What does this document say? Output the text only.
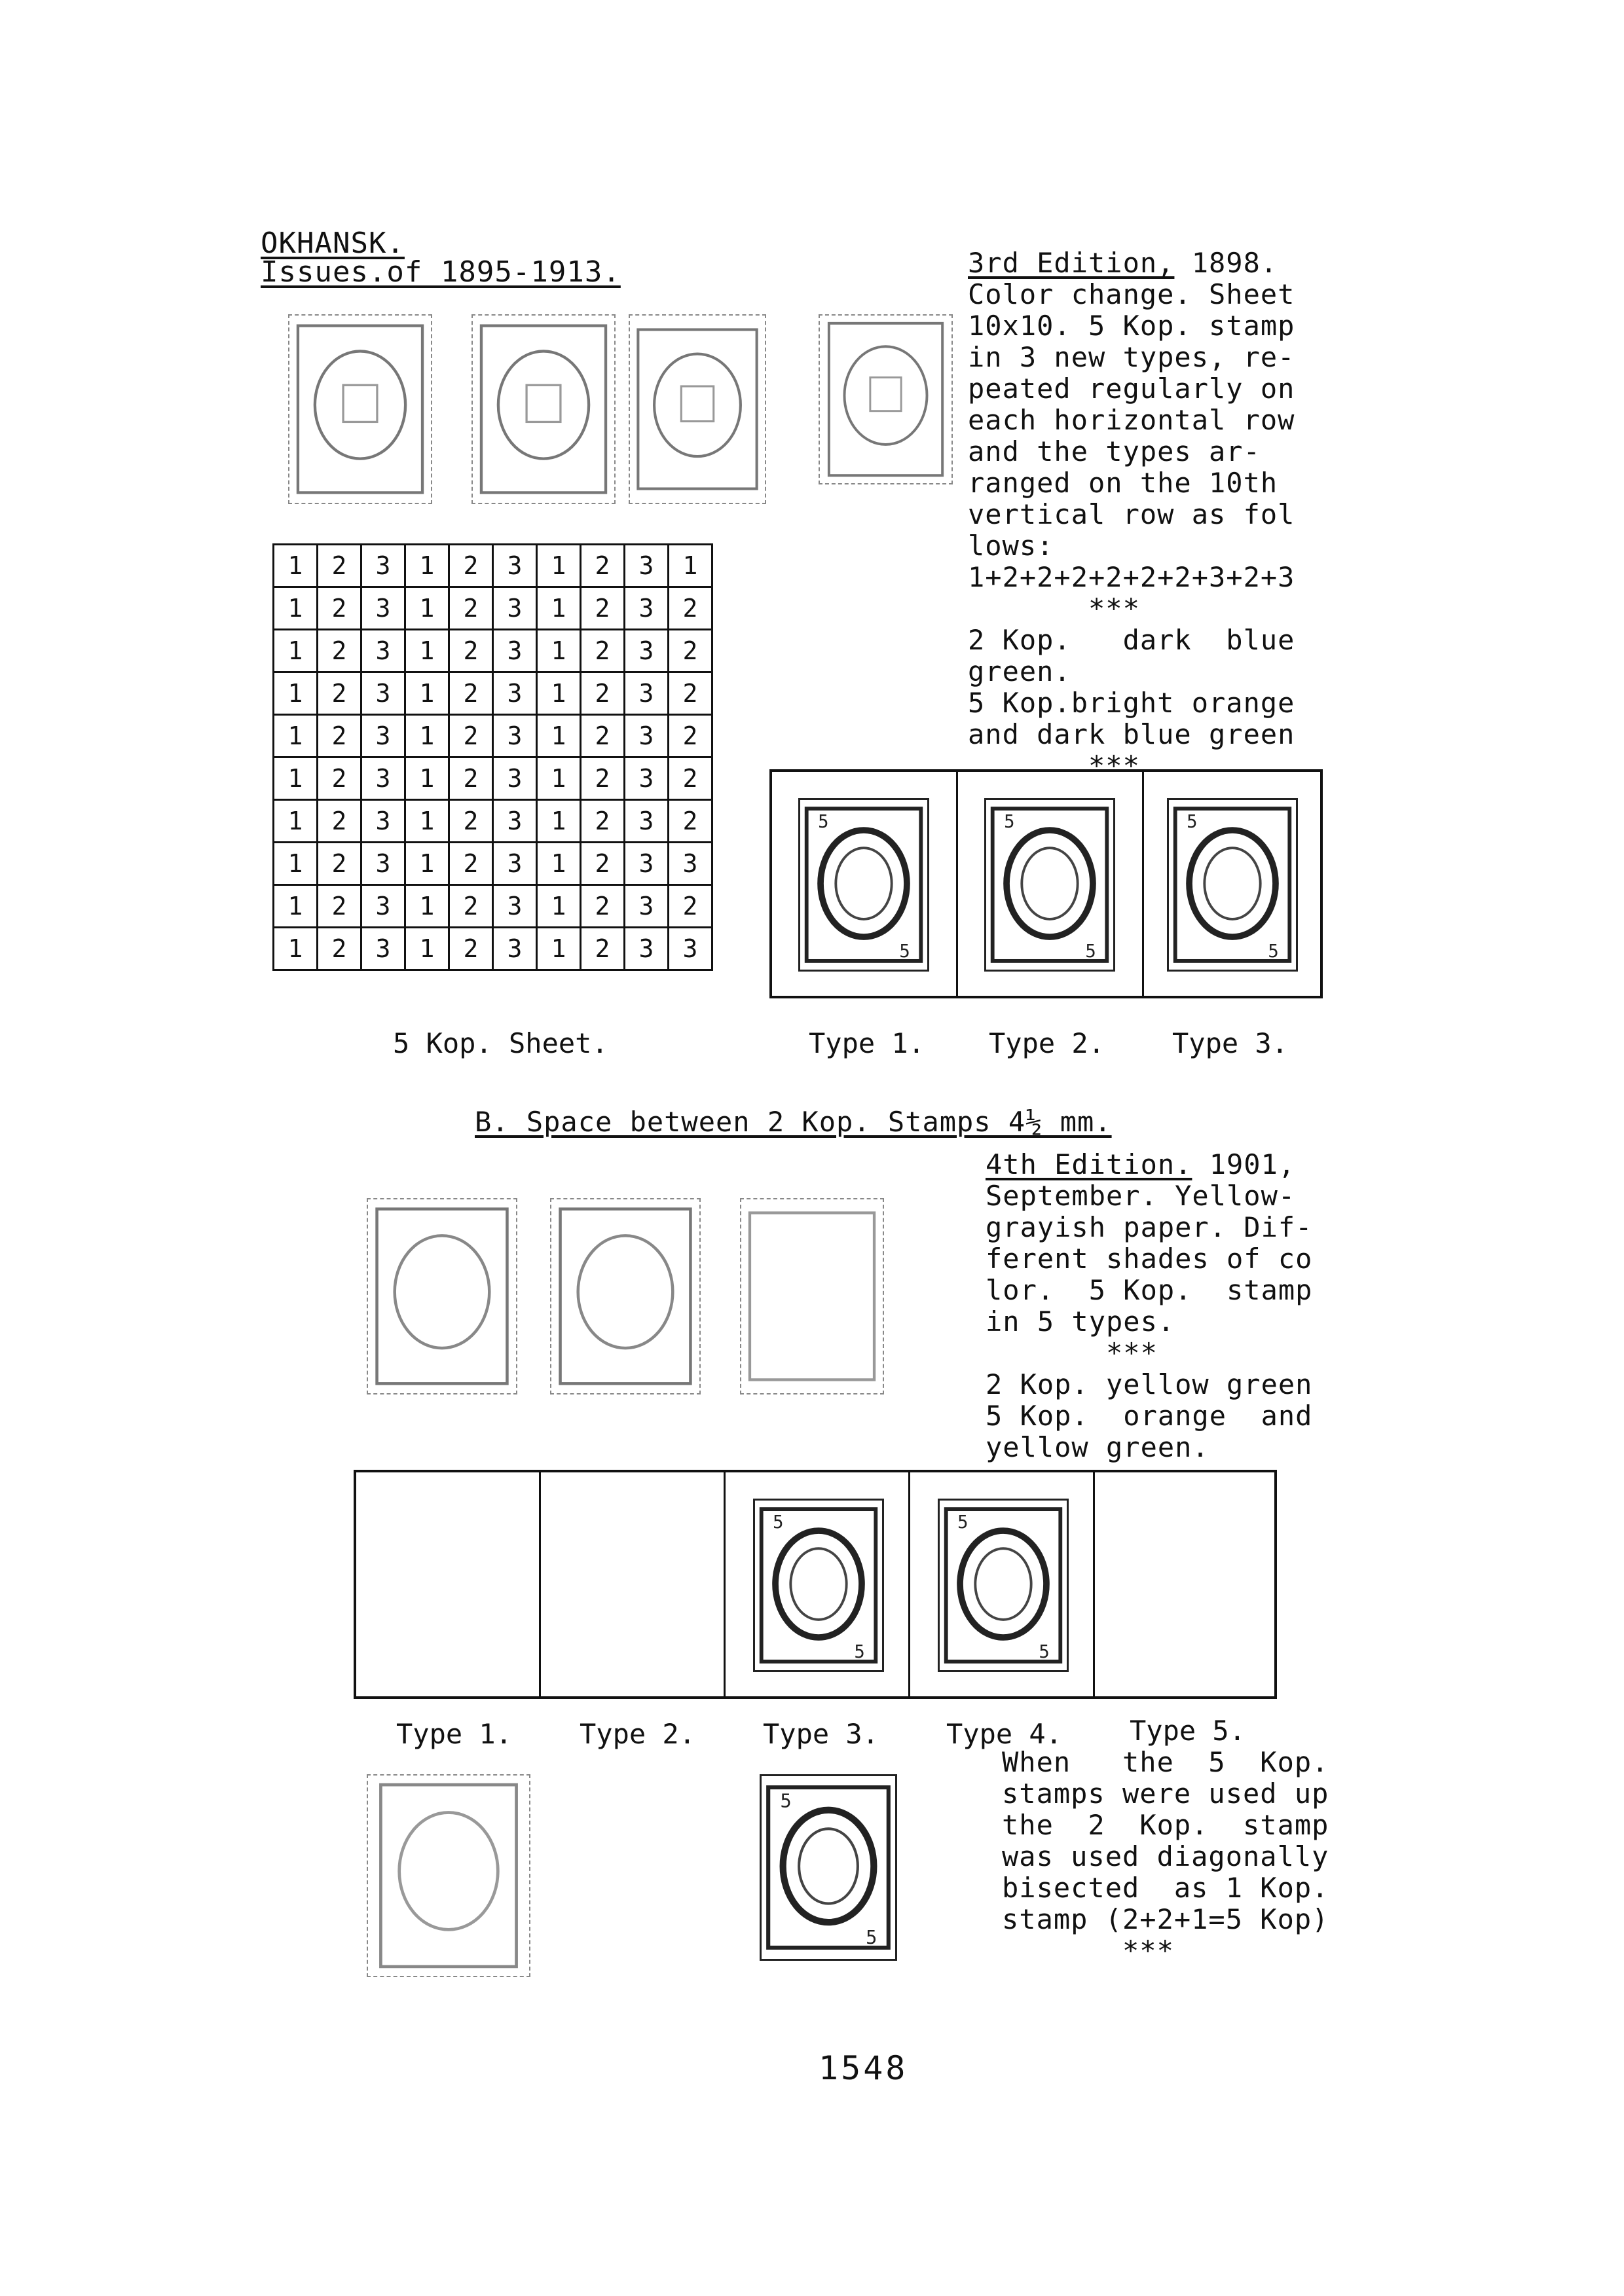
OKHANSK.
Issues.of 1895-1913.	3rd Edition, 1898.
Color change. Sheet
10x10. 5 Kop. stamp
in 3 new types, re-
peated regularly on
each horizontal row
and the types ar-
ranged on the 10th
vertical row as fol
lows:
1+2+2+2+2+2+2+3+2+3
***
2 Kop.   dark  blue
green.
5 Kop.bright orange
and dark blue green
***
1	2	3	1	2	3	1	2	3	1
1	2	3	1	2	3	1	2	3	2
1	2	3	1	2	3	1	2	3	2
1	2	3	1	2	3	1	2	3	2
1	2	3	1	2	3	1	2	3	2
1	2	3	1	2	3	1	2	3	2
1	2	3	1	2	3	1	2	3	2
1	2	3	1	2	3	1	2	3	3
1	2	3	1	2	3	1	2	3	2
1	2	3	1	2	3	1	2	3	3
5 Kop. Sheet.
5
5
5
5
5
5
Type 1. Type 2. Type 3.
B. Space between 2 Kop. Stamps 4½ mm.
4th Edition. 1901,
September. Yellow-
grayish paper. Dif-
ferent shades of co
lor.  5 Kop.  stamp
in 5 types.
***
2 Kop. yellow green
5 Kop.  orange  and
yellow green.
5
5
5
5
Type 1. Type 2. Type 3. Type 4. Type 5.
5
5
When   the  5  Kop.
stamps were used up
the  2  Kop.  stamp
was used diagonally
bisected  as 1 Kop.
stamp (2+2+1=5 Kop)
***
1548
